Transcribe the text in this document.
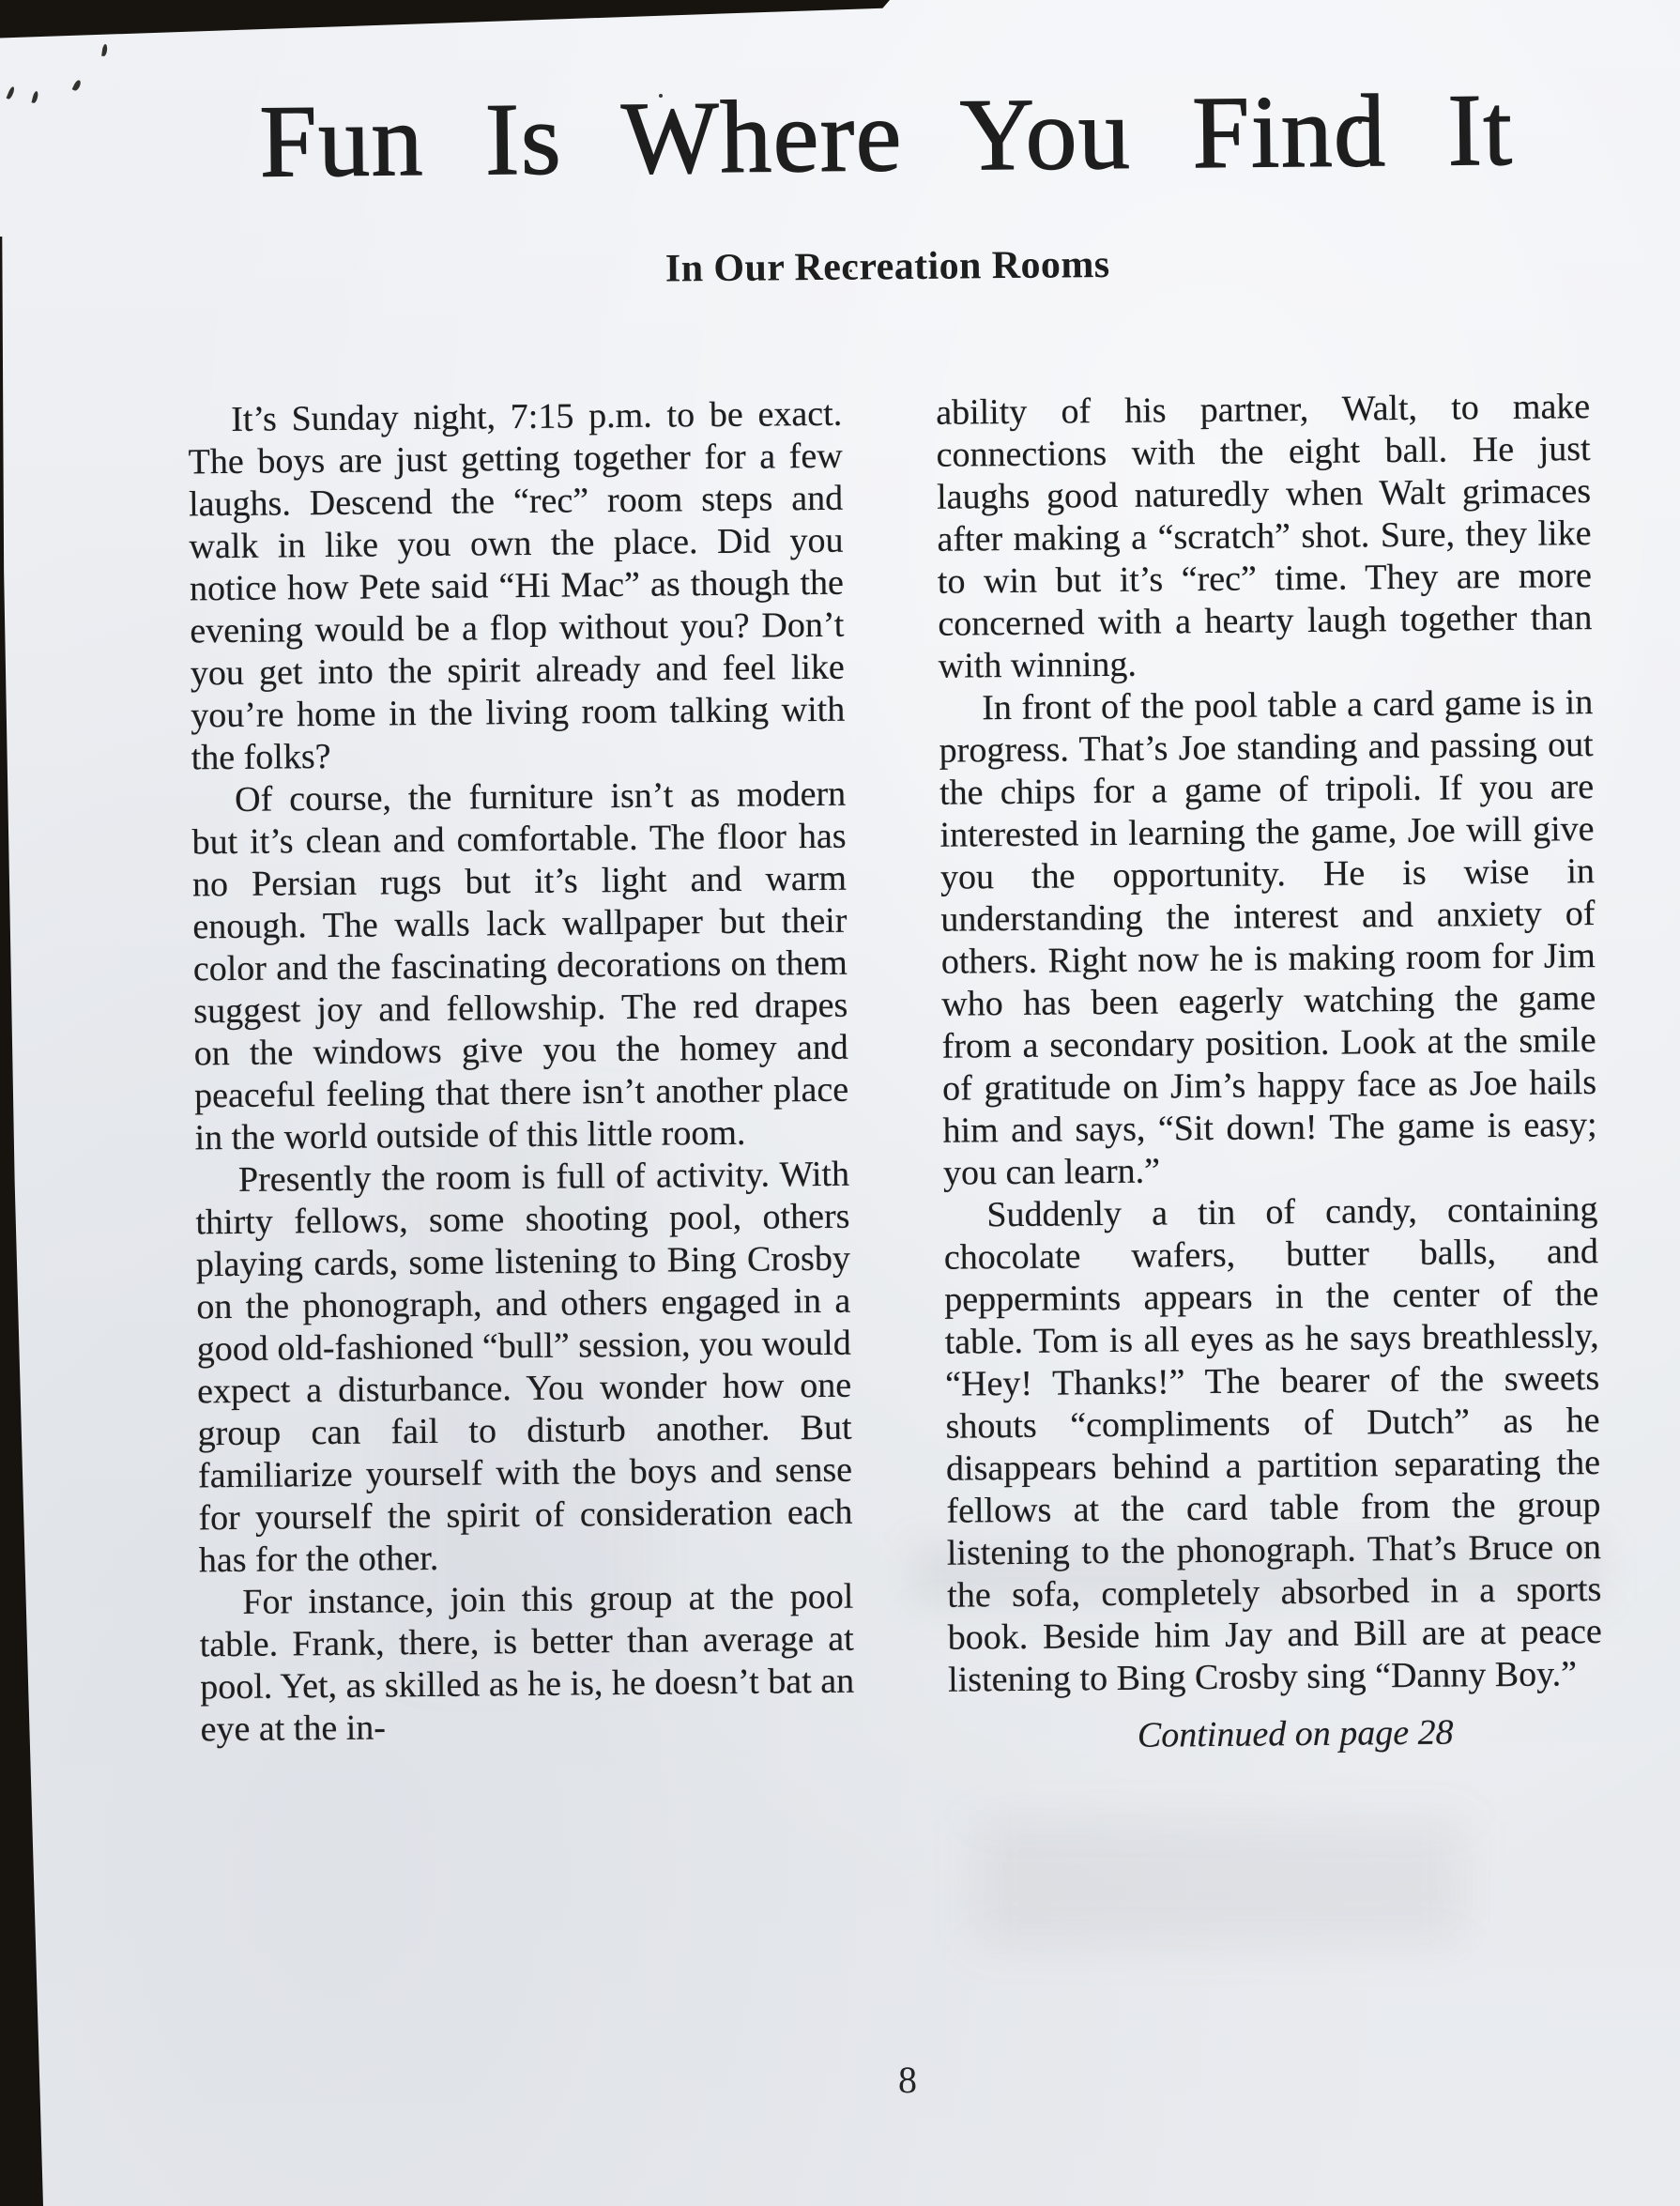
Fun Is Where You Find It
In Our Recreation Rooms

It’s Sunday night, 7:15 p.m. to be exact. The boys are just getting together for a few laughs. Descend the “rec” room steps and walk in like you own the place. Did you notice how Pete said “Hi Mac” as though the evening would be a flop without you? Don’t you get into the spirit already and feel like you’re home in the living room talking with the folks?

Of course, the furniture isn’t as modern but it’s clean and comfortable. The floor has no Persian rugs but it’s light and warm enough. The walls lack wallpaper but their color and the fascinating decorations on them suggest joy and fellowship. The red drapes on the windows give you the homey and peaceful feeling that there isn’t another place in the world outside of this little room.

Presently the room is full of activity. With thirty fellows, some shooting pool, others playing cards, some listening to Bing Crosby on the phonograph, and others engaged in a good old-fashioned “bull” session, you would expect a disturbance. You wonder how one group can fail to disturb another. But familiarize yourself with the boys and sense for yourself the spirit of consideration each has for the other.

For instance, join this group at the pool table. Frank, there, is better than average at pool. Yet, as skilled as he is, he doesn’t bat an eye at the in-

ability of his partner, Walt, to make connections with the eight ball. He just laughs good naturedly when Walt grimaces after making a “scratch” shot. Sure, they like to win but it’s “rec” time. They are more concerned with a hearty laugh together than with winning.

In front of the pool table a card game is in progress. That’s Joe standing and passing out the chips for a game of tripoli. If you are interested in learning the game, Joe will give you the opportunity. He is wise in understanding the interest and anxiety of others. Right now he is making room for Jim who has been eagerly watching the game from a secondary position. Look at the smile of gratitude on Jim’s happy face as Joe hails him and says, “Sit down! The game is easy; you can learn.”

Suddenly a tin of candy, containing chocolate wafers, butter balls, and peppermints appears in the center of the table. Tom is all eyes as he says breathlessly, “Hey! Thanks!” The bearer of the sweets shouts “compliments of Dutch” as he disappears behind a partition separating the fellows at the card table from the group listening to the phonograph. That’s Bruce on the sofa, completely absorbed in a sports book. Beside him Jay and Bill are at peace listening to Bing Crosby sing “Danny Boy.”

Continued on page 28

8
